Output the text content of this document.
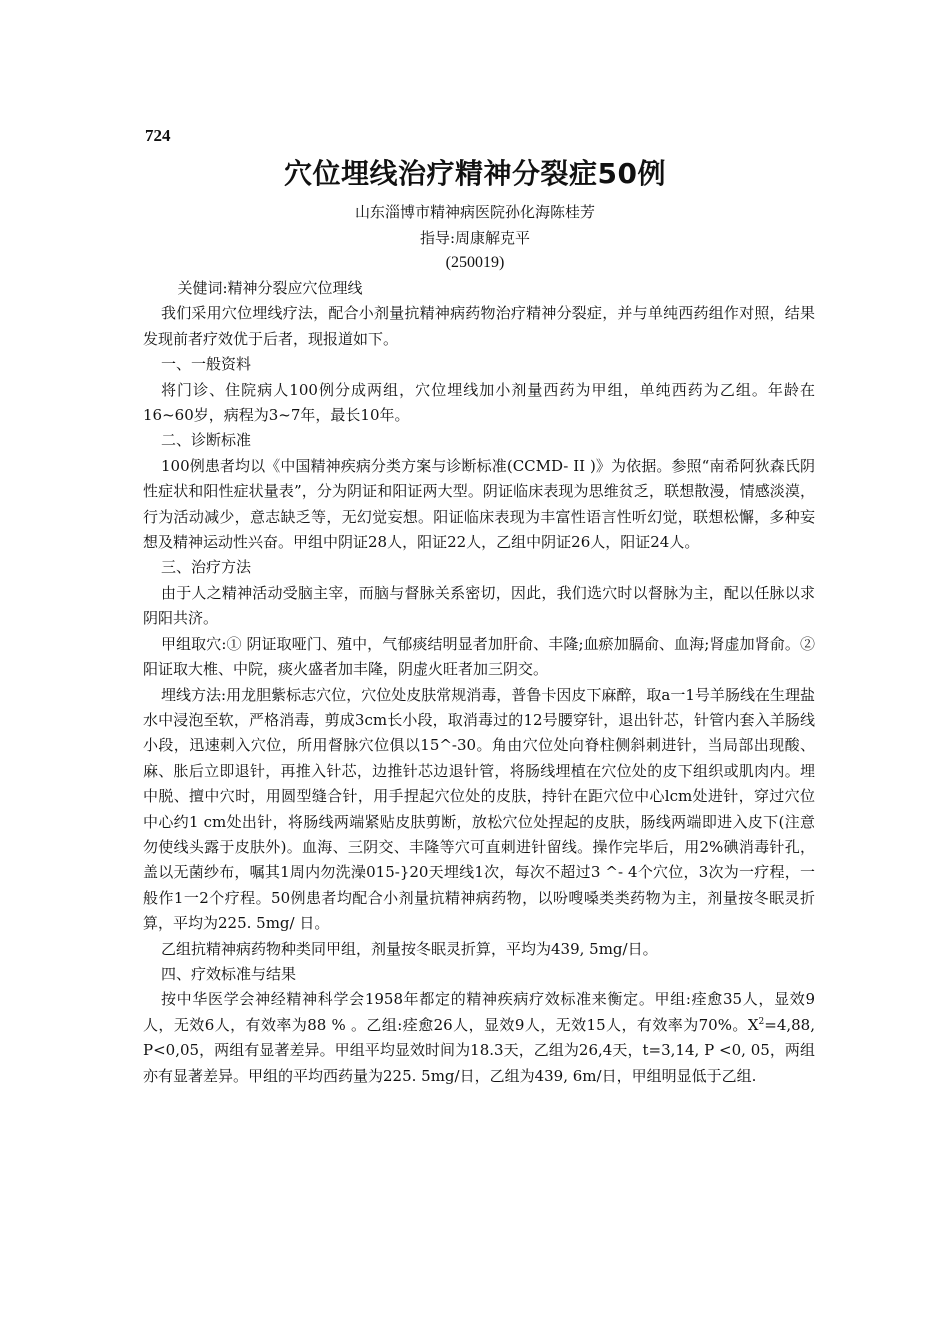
724
穴位埋线治疗精神分裂症50例
山东淄博市精神病医院孙化海陈桂芳
指导:周康解克平
(250019)

关健词:精神分裂应穴位理线

我们采用穴位埋线疗法，配合小剂量抗精神病药物治疗精神分裂症，并与单纯西药组作对照，结果发现前者疗效优于后者，现报道如下。

一、一般资料

将门诊、住院病人100例分成两组，穴位埋线加小剂量西药为甲组，单纯西药为乙组。年龄在16~60岁，病程为3~7年，最长10年。

二、诊断标准

100例患者均以《中国精神疾病分类方案与诊断标准(CCMD- II )》为依据。参照“南希阿狄森氏阴性症状和阳性症状量表”，分为阴证和阳证两大型。阴证临床表现为思维贫乏，联想散漫，情感淡漠，行为活动减少，意志缺乏等，无幻觉妄想。阳证临床表现为丰富性语言性听幻觉，联想松懈，多种妄想及精神运动性兴奋。甲组中阴证28人，阳证22人，乙组中阴证26人，阳证24人。

三、治疗方法

由于人之精神活动受脑主宰，而脑与督脉关系密切，因此，我们选穴时以督脉为主，配以任脉以求阴阳共济。

甲组取穴:① 阴证取哑门、殖中，气郁痰结明显者加肝俞、丰隆;血瘀加膈俞、血海;肾虚加肾俞。②阳证取大椎、中院，痰火盛者加丰隆，阴虚火旺者加三阴交。

埋线方法:用龙胆紫标志穴位，穴位处皮肤常规消毒，普鲁卡因皮下麻醉，取a一1号羊肠线在生理盐水中浸泡至软，严格消毒，剪成3cm长小段，取消毒过的12号腰穿针，退出针芯，针管内套入羊肠线小段，迅速刺入穴位，所用督脉穴位俱以15^-30。角由穴位处向脊柱侧斜刺进针，当局部出现酸、麻、胀后立即退针，再推入针芯，边推针芯边退针管，将肠线埋植在穴位处的皮下组织或肌肉内。埋中脱、擅中穴时，用圆型缝合针，用手捏起穴位处的皮肤，持针在距穴位中心lcm处进针，穿过穴位中心约1 cm处出针，将肠线两端紧贴皮肤剪断，放松穴位处捏起的皮肤，肠线两端即进入皮下(注意勿使线头露于皮肤外)。血海、三阴交、丰隆等穴可直刺进针留线。操作完毕后，用2%碘消毒针孔，盖以无菌纱布，嘱其1周内勿洗澡015-}20天埋线1次，每次不超过3 ^- 4个穴位，3次为一疗程，一般作1一2个疗程。50例患者均配合小剂量抗精神病药物，以吩嗖嗓类类药物为主，剂量按冬眠灵折算，平均为225. 5mg/ 日。

乙组抗精神病药物种类同甲组，剂量按冬眠灵折算，平均为439, 5mg/日。

四、疗效标准与结果

按中华医学会神经精神科学会1958年都定的精神疾病疗效标准来衡定。甲组:痊愈35人，显效9人，无效6人，有效率为88 % 。乙组:痊愈26人，显效9人，无效15人，有效率为70%。$X^2=4,88$, P<0,05，两组有显著差异。甲组平均显效时间为18.3天，乙组为26,4天，t=3,14, P <0, 05，两组亦有显著差异。甲组的平均西药量为225. 5mg/日，乙组为439, 6m/日，甲组明显低于乙组.
